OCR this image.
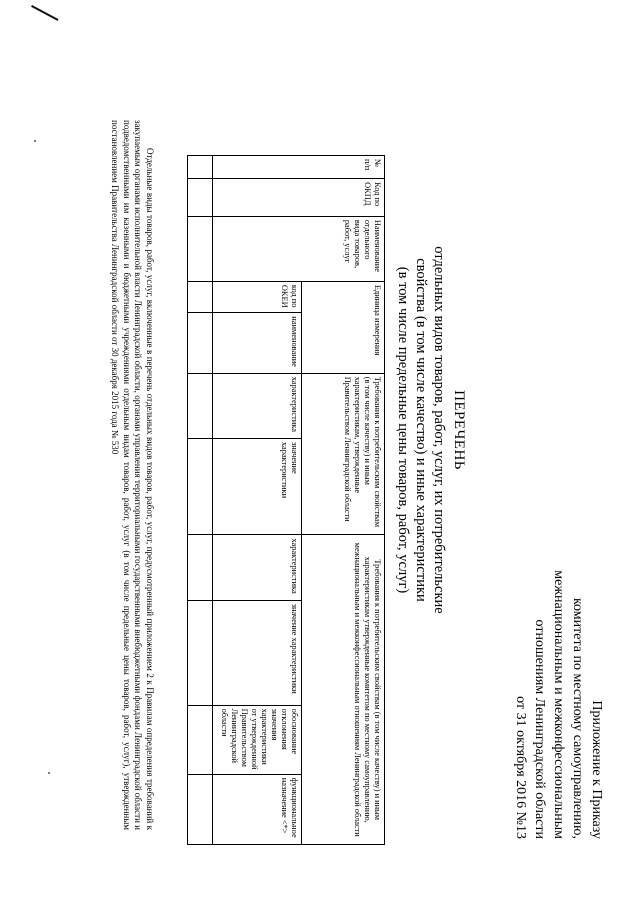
Приложение к Приказу
комитета по местному самоуправлению,
межнациональным и межконфессиональным
отношениям Ленинградской области
от 31 октября 2016 №13
ПЕРЕЧЕНЬ
отдельных видов товаров, работ, услуг, их потребительские
свойства (в том числе качество) и иные характеристики
(в том числе предельные цены товаров, работ, услуг)
№ п/п	Код по ОКПД	Наименование отдельного вида товаров, работ, услуг	Единица измерения		Требования к потребительским свойствам (в том числе качеству) и иным характеристикам, утвержденные Правительством Ленинградской области		Требования к потребительским свойствам (в том числе качеству) и иным характеристикам утвержденные комитетом по местному самоуправлению, межнациональным и межконфессиональным отношениям Ленинградской области			
			код по ОКЕИ	наименование	характеристика	значение характеристики	характеристика	значение характеристики	обоснование отклонения значения характеристики от утвержденной Правительством Ленинградской области	функциональное назначение <*>

Отдельные виды товаров, работ, услуг, включенные в перечень отдельных видов товаров, работ, услуг, предусмотренный приложением 2 к Правилам определения требований к закупаемым органами исполнительной власти Ленинградской области, органами управления территориальными государственными внебюджетными фондами Ленинградской области и подведомственными им казенными и бюджетными учреждениями отдельным видам товаров, работ, услуг (в том числе предельные цены товаров, работ, услуг), утвержденным постановлением Правительства Ленинградской области от 30 декабря 2015 года № 530
